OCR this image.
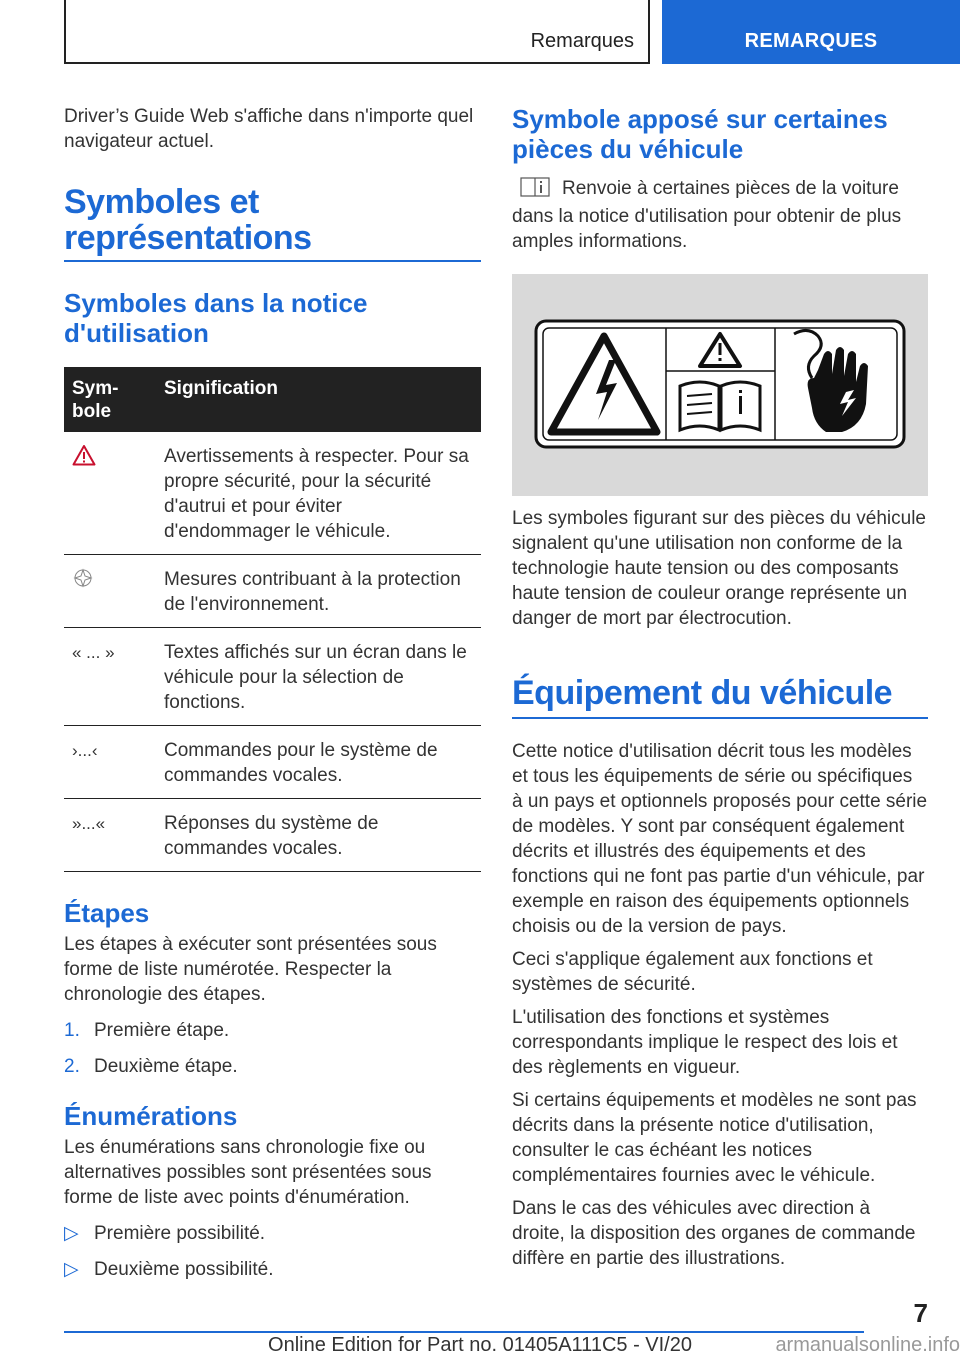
Remarques	REMARQUES

Driver’s Guide Web s'affiche dans n'importe quel navigateur actuel.

Symboles et
représentations
Symboles dans la notice
d'utilisation
Sym-
bole	Signification
	Avertissements à respecter. Pour sa propre sécurité, pour la sécurité d'autrui et pour éviter d'endommager le véhicule.
	Mesures contribuant à la protection de l'environnement.
« ... »	Textes affichés sur un écran dans le véhicule pour la sélection de fonctions.
›...‹	Commandes pour le système de commandes vocales.
»...«	Réponses du système de commandes vocales.
Étapes

Les étapes à exécuter sont présentées sous forme de liste numérotée. Respecter la chronologie des étapes.

1. Première étape.
2. Deuxième étape.
Énumérations

Les énumérations sans chronologie fixe ou alternatives possibles sont présentées sous forme de liste avec points d'énumération.

▷ Première possibilité.
▷ Deuxième possibilité.
Symbole apposé sur certaines
pièces du véhicule

Renvoie à certaines pièces de la voiture dans la notice d'utilisation pour obtenir de plus amples informations.

Les symboles figurant sur des pièces du véhicule signalent qu'une utilisation non conforme de la technologie haute tension ou des composants haute tension de couleur orange représente un danger de mort par électrocution.

Équipement du véhicule

Cette notice d'utilisation décrit tous les modèles et tous les équipements de série ou spécifiques à un pays et optionnels proposés pour cette série de modèles. Y sont par conséquent également décrits et illustrés des équipements et des fonctions qui ne font pas partie d'un véhicule, par exemple en raison des équipements optionnels choisis ou de la version de pays.

Ceci s'applique également aux fonctions et systèmes de sécurité.

L'utilisation des fonctions et systèmes correspondants implique le respect des lois et des règlements en vigueur.

Si certains équipements et modèles ne sont pas décrits dans la présente notice d'utilisation, consulter le cas échéant les notices complémentaires fournies avec le véhicule.

Dans le cas des véhicules avec direction à droite, la disposition des organes de commande diffère en partie des illustrations.

7
Online Edition for Part no. 01405A111C5 - VI/20	armanualsonline.info
